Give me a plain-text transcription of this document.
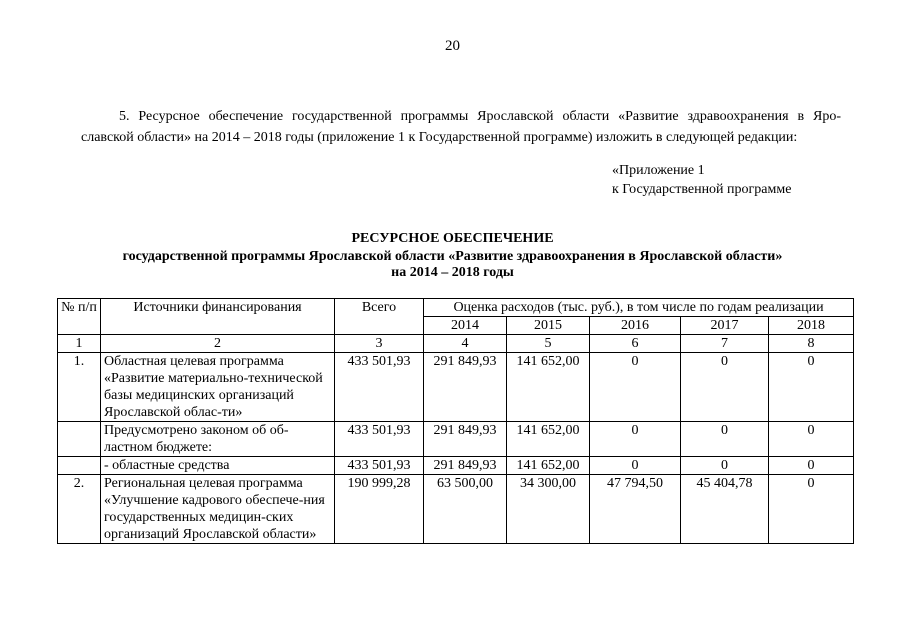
20
5. Ресурсное обеспечение государственной программы Ярославской области «Развитие здравоохранения в Яро-
славской области» на 2014 – 2018 годы (приложение 1 к Государственной программе) изложить в следующей редакции:
«Приложение 1
к Государственной программе
РЕСУРСНОЕ ОБЕСПЕЧЕНИЕ
государственной программы Ярославской области «Развитие здравоохранения в Ярославской области»
на 2014 – 2018 годы
№ п/п	Источники финансирования	Всего	Оценка расходов (тыс. руб.), в том числе по годам реализации				
			2014	2015	2016	2017	2018
1	2	3	4	5	6	7	8
1.	Областная целевая программа «Развитие материально-технической базы медицинских организаций Ярославской облас-ти»	433 501,93	291 849,93	141 652,00	0	0	0
	Предусмотрено законом об об-ластном бюджете:	433 501,93	291 849,93	141 652,00	0	0	0
	- областные средства	433 501,93	291 849,93	141 652,00	0	0	0
2.	Региональная целевая программа «Улучшение кадрового обеспече-ния государственных медицин-ских организаций Ярославской области»	190 999,28	63 500,00	34 300,00	47 794,50	45 404,78	0
